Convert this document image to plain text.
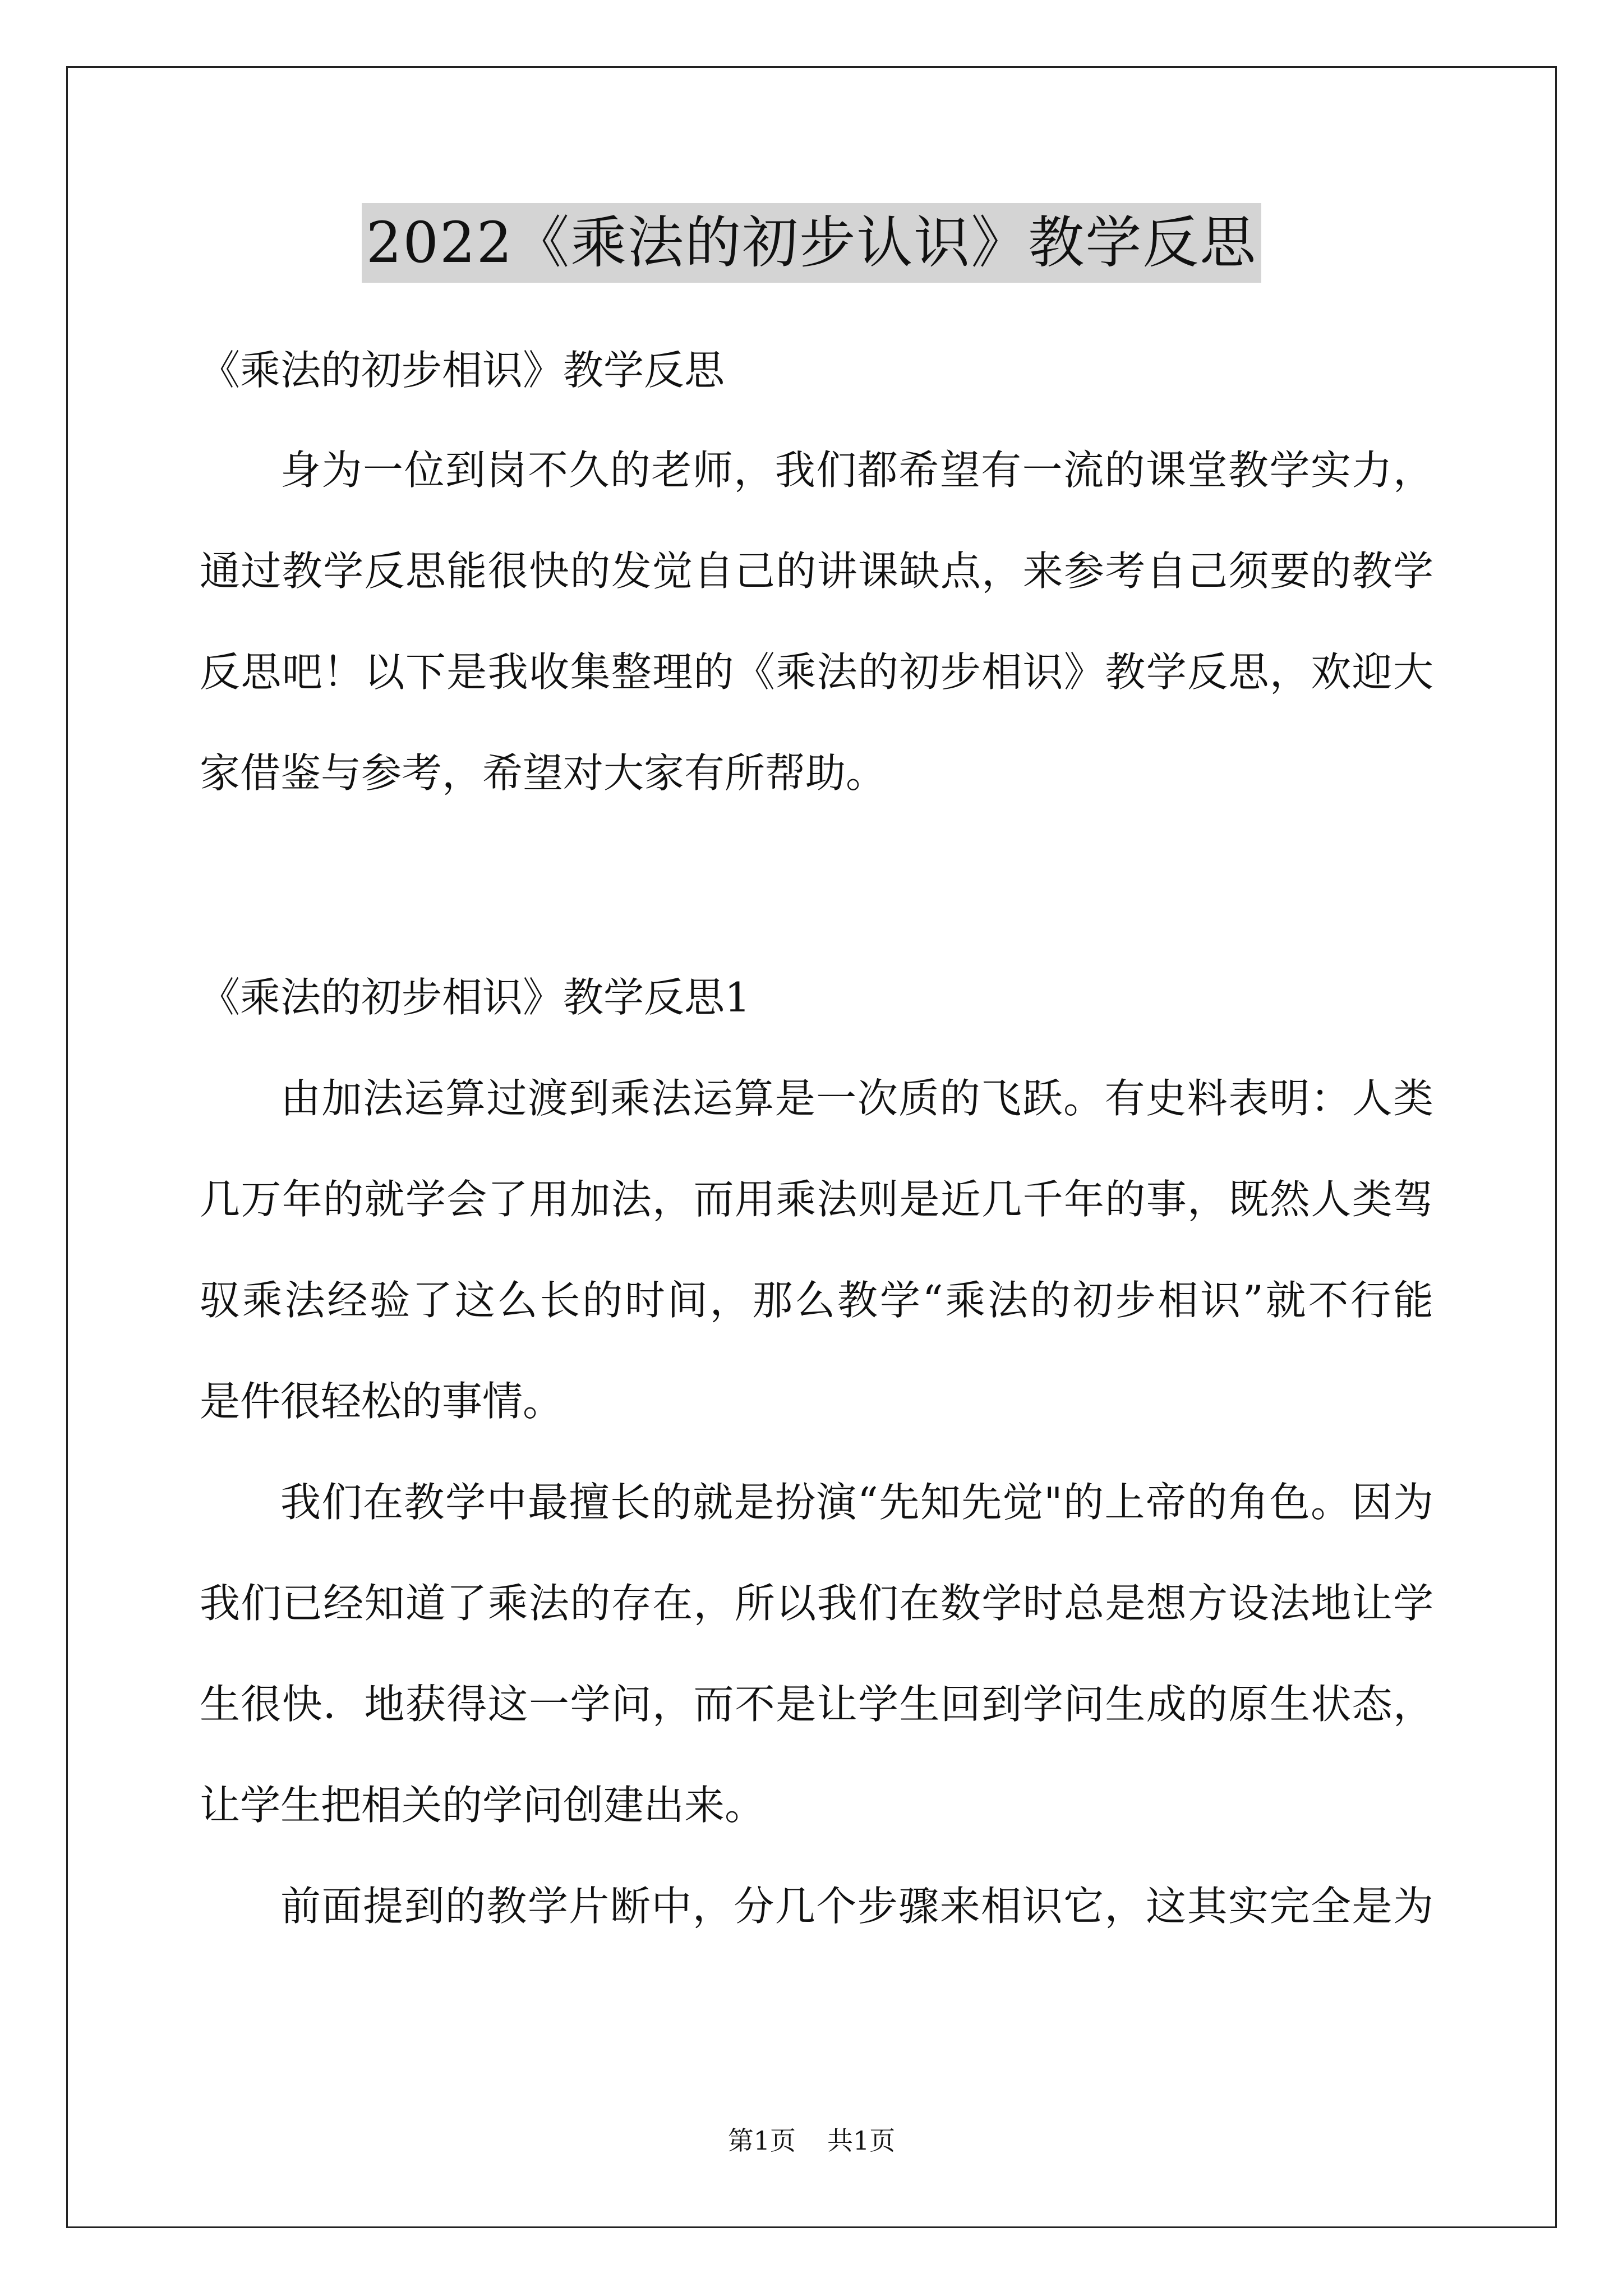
2022《乘法的初步认识》教学反思
《乘法的初步相识》教学反思
身为一位到岗不久的老师，我们都希望有一流的课堂教学实力，
通过教学反思能很快的发觉自己的讲课缺点，来参考自己须要的教学
反思吧！以下是我收集整理的《乘法的初步相识》教学反思，欢迎大
家借鉴与参考，希望对大家有所帮助。
《乘法的初步相识》教学反思1
由加法运算过渡到乘法运算是一次质的飞跃。有史料表明：人类
几万年的就学会了用加法，而用乘法则是近几千年的事，既然人类驾
驭乘法经验了这么长的时间，那么教学“乘法的初步相识”就不行能
是件很轻松的事情。
我们在教学中最擅长的就是扮演“先知先觉"的上帝的角色。因为
我们已经知道了乘法的存在，所以我们在数学时总是想方设法地让学
生很快．地获得这一学问，而不是让学生回到学问生成的原生状态，
让学生把相关的学问创建出来。
前面提到的教学片断中，分几个步骤来相识它，这其实完全是为
第1页 共1页
